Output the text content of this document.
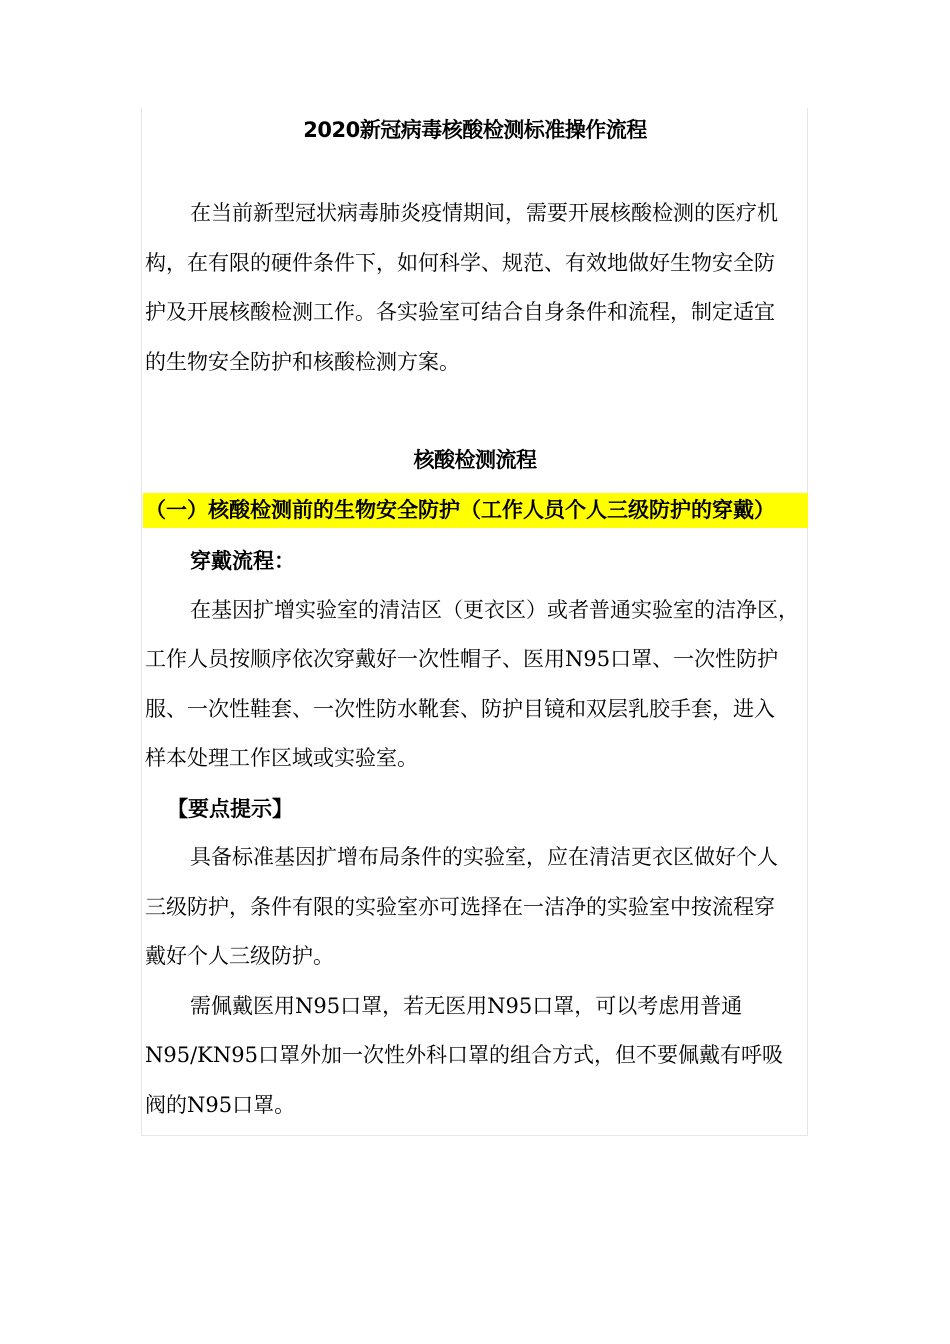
2020新冠病毒核酸检测标准操作流程
在当前新型冠状病毒肺炎疫情期间，需要开展核酸检测的医疗机
构，在有限的硬件条件下，如何科学、规范、有效地做好生物安全防
护及开展核酸检测工作。各实验室可结合自身条件和流程，制定适宜
的生物安全防护和核酸检测方案。
核酸检测流程
（一）核酸检测前的生物安全防护（工作人员个人三级防护的穿戴）
穿戴流程：
在基因扩增实验室的清洁区（更衣区）或者普通实验室的洁净区，
工作人员按顺序依次穿戴好一次性帽子、医用N95口罩、一次性防护
服、一次性鞋套、一次性防水靴套、防护目镜和双层乳胶手套，进入
样本处理工作区域或实验室。
【要点提示】
具备标准基因扩增布局条件的实验室，应在清洁更衣区做好个人
三级防护，条件有限的实验室亦可选择在一洁净的实验室中按流程穿
戴好个人三级防护。
需佩戴医用N95口罩，若无医用N95口罩，可以考虑用普通
N95/KN95口罩外加一次性外科口罩的组合方式，但不要佩戴有呼吸
阀的N95口罩。
